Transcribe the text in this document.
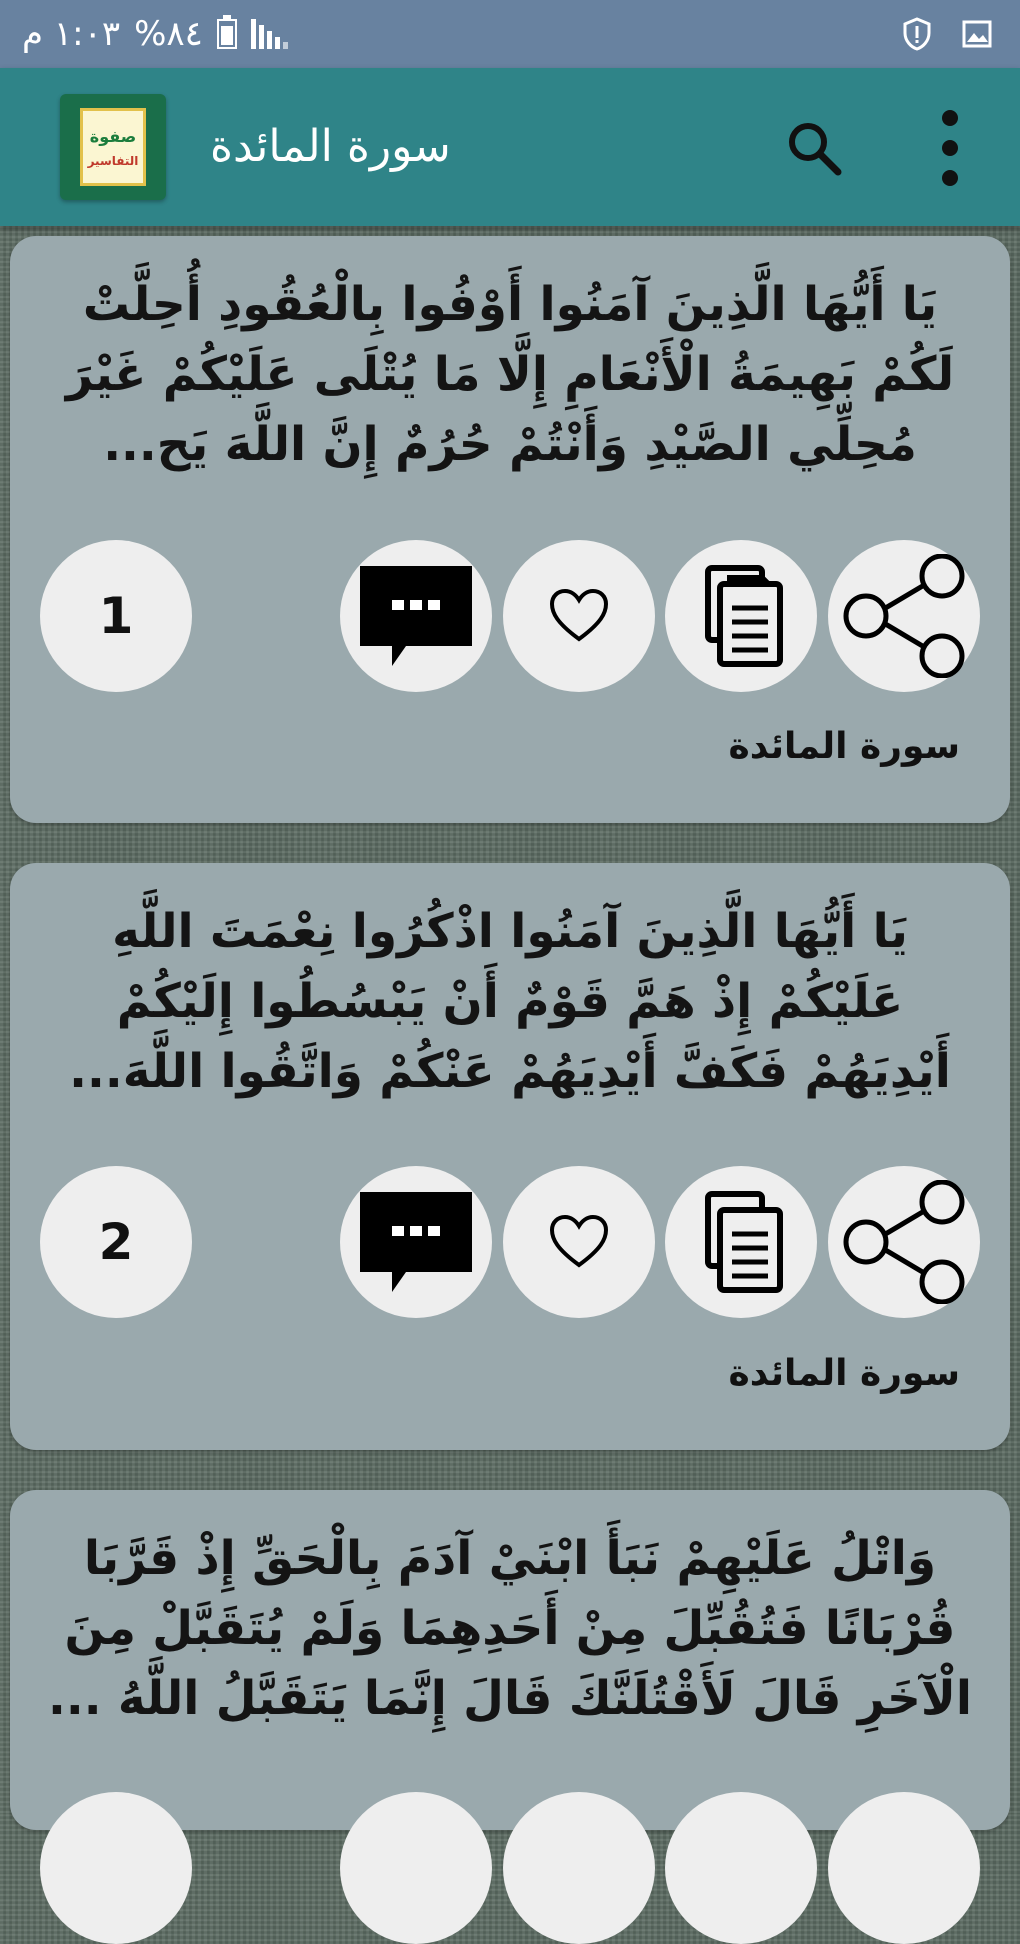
١:٠٣ م %٨٤
صفوة
التفاسير سورة المائدة
يَا أَيُّهَا الَّذِينَ آمَنُوا أَوْفُوا بِالْعُقُودِ أُحِلَّتْ لَكُمْ بَهِيمَةُ الْأَنْعَامِ إِلَّا مَا يُتْلَى عَلَيْكُمْ غَيْرَ مُحِلِّي الصَّيْدِ وَأَنْتُمْ حُرُمٌ إِنَّ اللَّهَ يَح...
1
سورة المائدة
يَا أَيُّهَا الَّذِينَ آمَنُوا اذْكُرُوا نِعْمَتَ اللَّهِ عَلَيْكُمْ إِذْ هَمَّ قَوْمٌ أَنْ يَبْسُطُوا إِلَيْكُمْ أَيْدِيَهُمْ فَكَفَّ أَيْدِيَهُمْ عَنْكُمْ وَاتَّقُوا اللَّهَ...
2
سورة المائدة
وَاتْلُ عَلَيْهِمْ نَبَأَ ابْنَيْ آدَمَ بِالْحَقِّ إِذْ قَرَّبَا قُرْبَانًا فَتُقُبِّلَ مِنْ أَحَدِهِمَا وَلَمْ يُتَقَبَّلْ مِنَ الْآخَرِ قَالَ لَأَقْتُلَنَّكَ قَالَ إِنَّمَا يَتَقَبَّلُ اللَّهُ ...
